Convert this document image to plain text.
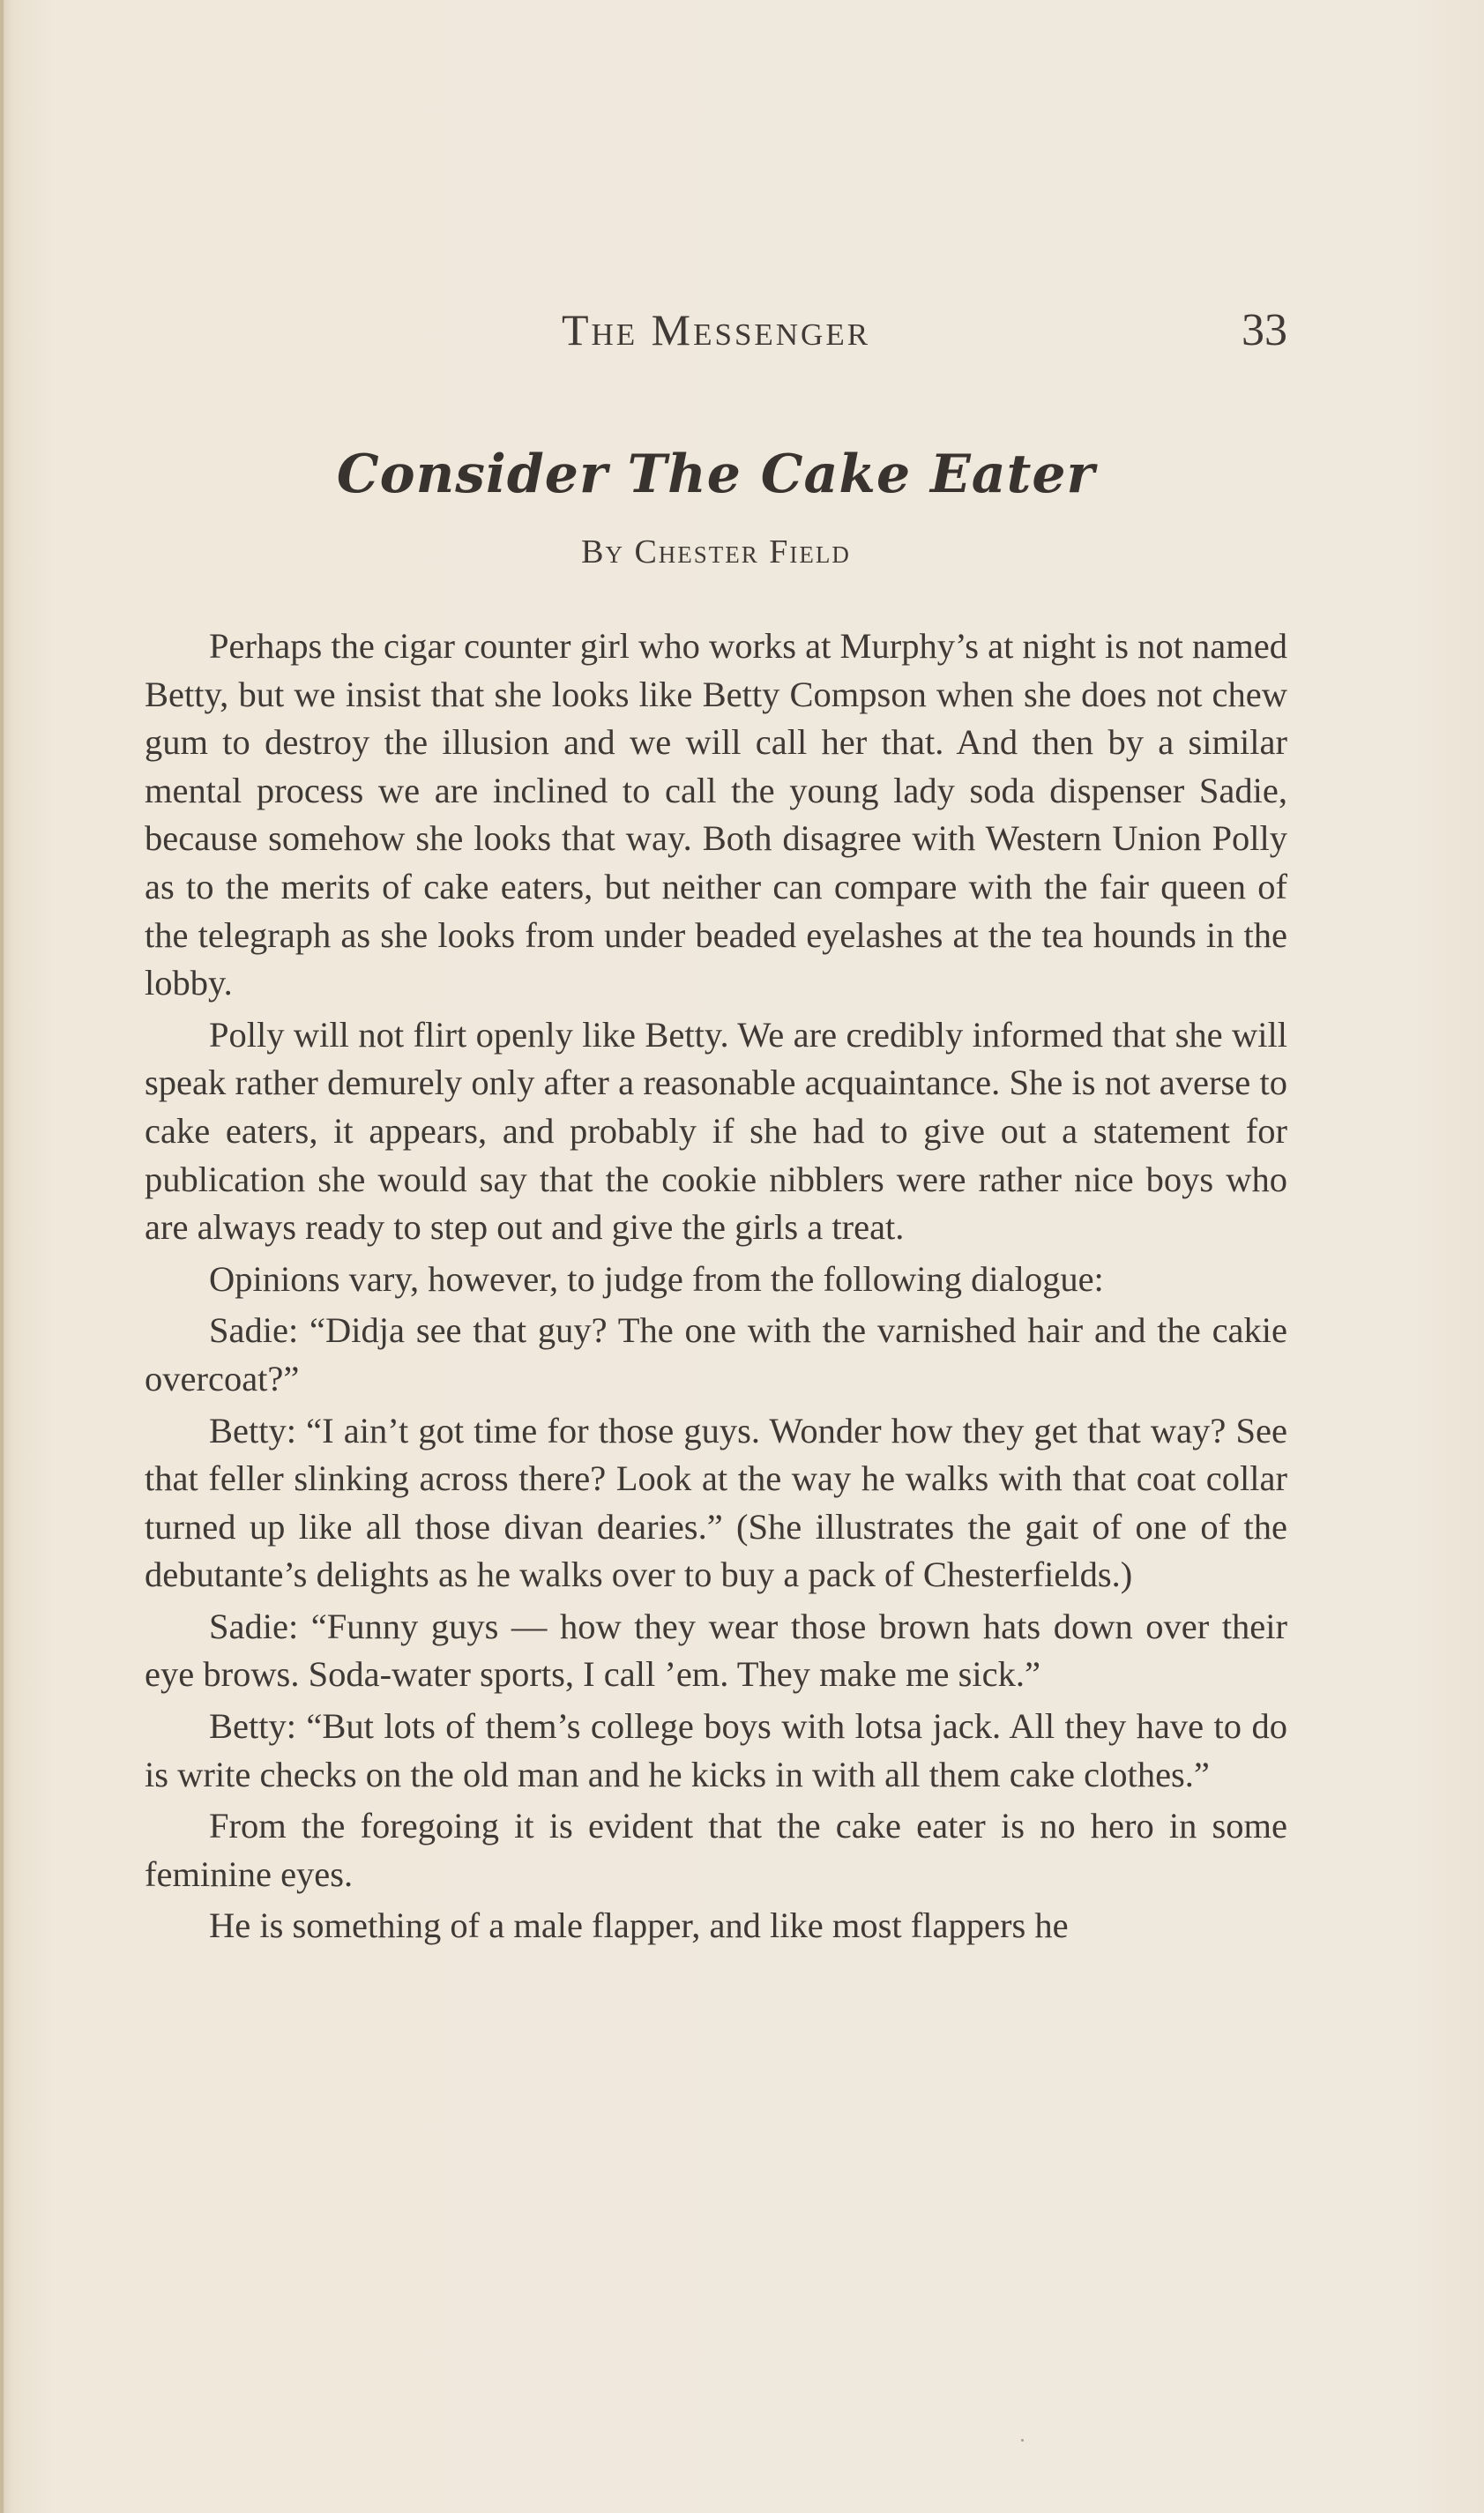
The Messenger	33
Consider The Cake Eater
By Chester Field

Perhaps the cigar counter girl who works at Murphy’s at night is not named Betty, but we insist that she looks like Betty Compson when she does not chew gum to destroy the illusion and we will call her that. And then by a similar mental process we are inclined to call the young lady soda dispenser Sadie, because somehow she looks that way. Both disagree with Western Union Polly as to the merits of cake eaters, but neither can compare with the fair queen of the telegraph as she looks from under beaded eyelashes at the tea hounds in the lobby.

Polly will not flirt openly like Betty. We are credibly informed that she will speak rather demurely only after a reasonable acquaintance. She is not averse to cake eaters, it appears, and probably if she had to give out a statement for publication she would say that the cookie nibblers were rather nice boys who are always ready to step out and give the girls a treat.

Opinions vary, however, to judge from the following dialogue:

Sadie: “Didja see that guy? The one with the varnished hair and the cakie overcoat?”

Betty: “I ain’t got time for those guys. Wonder how they get that way? See that feller slinking across there? Look at the way he walks with that coat collar turned up like all those divan dearies.” (She illustrates the gait of one of the debutante’s delights as he walks over to buy a pack of Chesterfields.)

Sadie: “Funny guys — how they wear those brown hats down over their eye brows. Soda-water sports, I call ’em. They make me sick.”

Betty: “But lots of them’s college boys with lotsa jack. All they have to do is write checks on the old man and he kicks in with all them cake clothes.”

From the foregoing it is evident that the cake eater is no hero in some feminine eyes.

He is something of a male flapper, and like most flappers he
